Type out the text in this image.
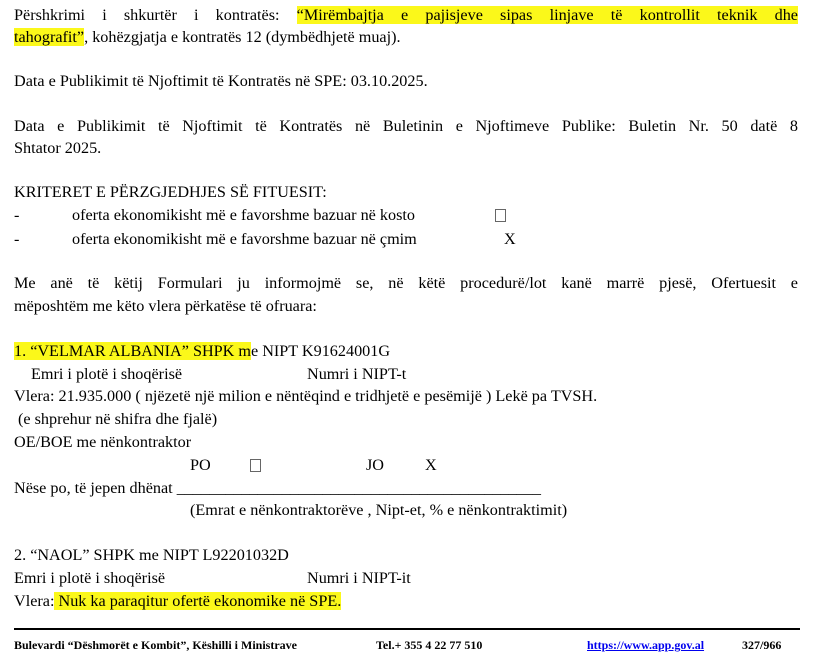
Përshkrimi i shkurtër i kontratës: “Mirëmbajtja e pajisjeve sipas linjave të kontrollit teknik dhe
tahografit”, kohëzgjatja e kontratës 12 (dymbëdhjetë muaj).
Data e Publikimit të Njoftimit të Kontratës në SPE: 03.10.2025.
Data e Publikimit të Njoftimit të Kontratës në Buletinin e Njoftimeve Publike: Buletin Nr. 50 datë 8
Shtator 2025.
KRITERET E PËRZGJEDHJES SË FITUESIT:
-	oferta ekonomikisht më e favorshme bazuar në kosto
-	oferta ekonomikisht më e favorshme bazuar në çmim	X
Me anë të këtij Formulari ju informojmë se, në këtë procedurë/lot kanë marrë pjesë, Ofertuesit e
mëposhtëm me këto vlera përkatëse të ofruara:
1. “VELMAR ALBANIA” SHPK me NIPT K91624001G
Emri i plotë i shoqërisë	Numri i NIPT-t
Vlera: 21.935.000 ( njëzetë një milion e nëntëqind e tridhjetë e pesëmijë ) Lekë pa TVSH.
(e shprehur në shifra dhe fjalë)
OE/BOE me nënkontraktor
PO	JO	X
Nëse po, të jepen dhënat _____________________________________________
(Emrat e nënkontraktorëve , Nipt-et, % e nënkontraktimit)
2. “NAOL” SHPK me NIPT L92201032D
Emri i plotë i shoqërisë	Numri i NIPT-it
Vlera: Nuk ka paraqitur ofertë ekonomike në SPE.
Bulevardi “Dëshmorët e Kombit”, Këshilli i Ministrave	Tel.+ 355 4 22 77 510	https://www.app.gov.al	327/966
